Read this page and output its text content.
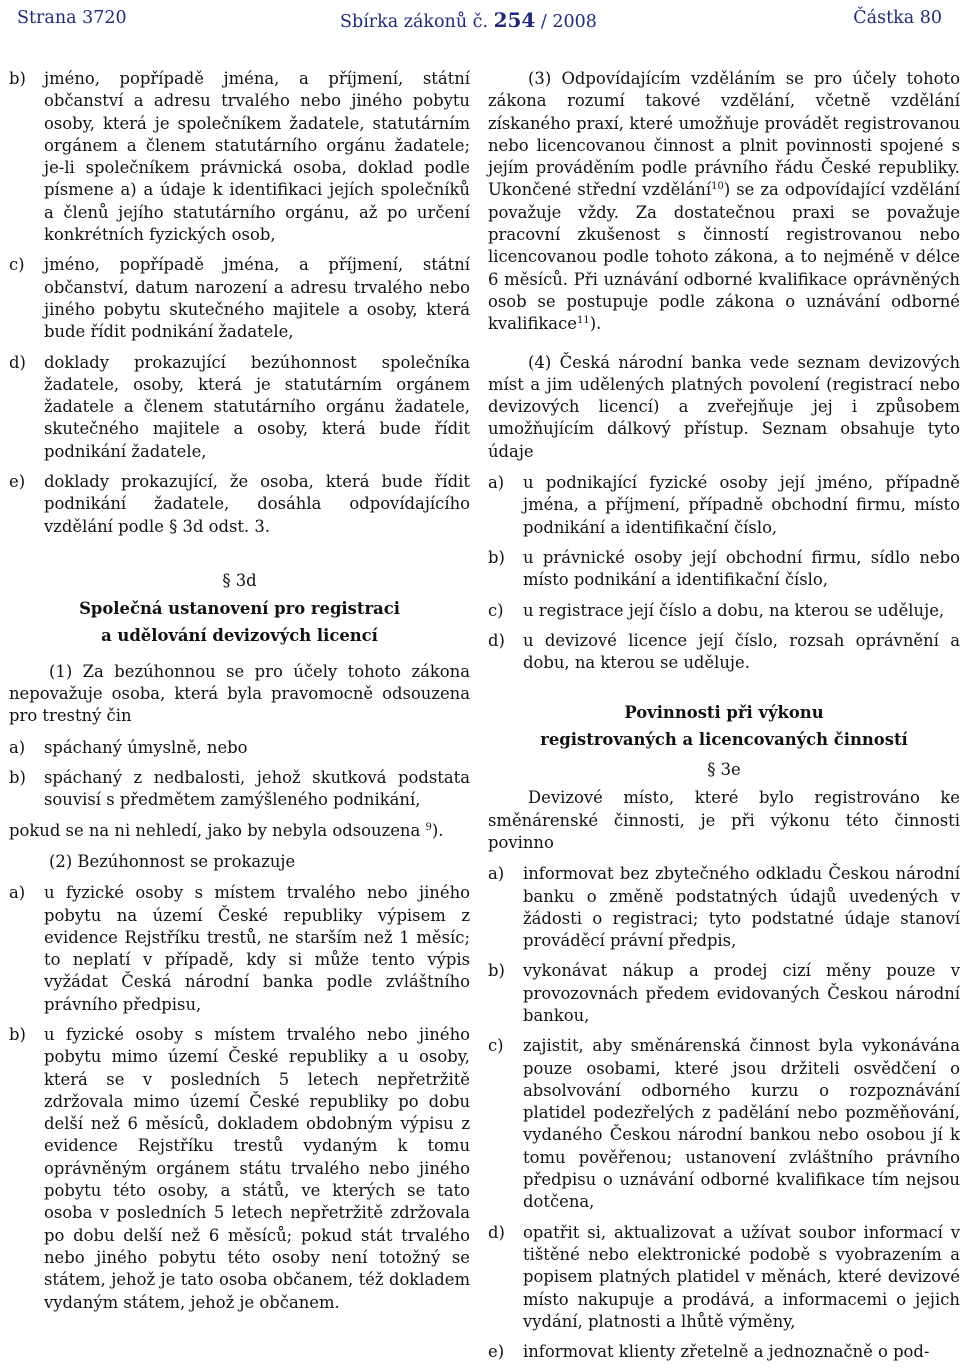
Strana 3720	Sbírka zákonů č. 254 / 2008	Částka 80
b) jméno, popřípadě jména, a příjmení, státní občanství a adresu trvalého nebo jiného pobytu osoby, která je společníkem žadatele, statutárním orgánem a členem statutárního orgánu žadatele; je-li společníkem právnická osoba, doklad podle písmene a) a údaje k identifikaci jejích společníků a členů jejího statutárního orgánu, až po určení konkrétních fyzických osob,
c) jméno, popřípadě jména, a příjmení, státní občanství, datum narození a adresu trvalého nebo jiného pobytu skutečného majitele a osoby, která bude řídit podnikání žadatele,
d) doklady prokazující bezúhonnost společníka žadatele, osoby, která je statutárním orgánem žadatele a členem statutárního orgánu žadatele, skutečného majitele a osoby, která bude řídit podnikání žadatele,
e) doklady prokazující, že osoba, která bude řídit podnikání žadatele, dosáhla odpovídajícího vzdělání podle § 3d odst. 3.
§ 3d
Společná ustanovení pro registraci
a udělování devizových licencí

(1) Za bezúhonnou se pro účely tohoto zákona nepovažuje osoba, která byla pravomocně odsouzena pro trestný čin

a) spáchaný úmyslně, nebo
b) spáchaný z nedbalosti, jehož skutková podstata souvisí s předmětem zamýšleného podnikání,

pokud se na ni nehledí, jako by nebyla odsouzena $^9$).

(2) Bezúhonnost se prokazuje

a) u fyzické osoby s místem trvalého nebo jiného pobytu na území České republiky výpisem z evidence Rejstříku trestů, ne starším než 1 měsíc; to neplatí v případě, kdy si může tento výpis vyžádat Česká národní banka podle zvláštního právního předpisu,
b) u fyzické osoby s místem trvalého nebo jiného pobytu mimo území České republiky a u osoby, která se v posledních 5 letech nepřetržitě zdržovala mimo území České republiky po dobu delší než 6 měsíců, dokladem obdobným výpisu z evidence Rejstříku trestů vydaným k tomu oprávněným orgánem státu trvalého nebo jiného pobytu této osoby, a států, ve kterých se tato osoba v posledních 5 letech nepřetržitě zdržovala po dobu delší než 6 měsíců; pokud stát trvalého nebo jiného pobytu této osoby není totožný se státem, jehož je tato osoba občanem, též dokladem vydaným státem, jehož je občanem.

(3) Odpovídajícím vzděláním se pro účely tohoto zákona rozumí takové vzdělání, včetně vzdělání získaného praxí, které umožňuje provádět registrovanou nebo licencovanou činnost a plnit povinnosti spojené s jejím prováděním podle právního řádu České republiky. Ukončené střední vzdělání$^{10}$) se za odpovídající vzdělání považuje vždy. Za dostatečnou praxi se považuje pracovní zkušenost s činností registrovanou nebo licencovanou podle tohoto zákona, a to nejméně v délce 6 měsíců. Při uznávání odborné kvalifikace oprávněných osob se postupuje podle zákona o uznávání odborné kvalifikace$^{11}$).

(4) Česká národní banka vede seznam devizových míst a jim udělených platných povolení (registrací nebo devizových licencí) a zveřejňuje jej i způsobem umožňujícím dálkový přístup. Seznam obsahuje tyto údaje

a) u podnikající fyzické osoby její jméno, případně jména, a příjmení, případně obchodní firmu, místo podnikání a identifikační číslo,
b) u právnické osoby její obchodní firmu, sídlo nebo místo podnikání a identifikační číslo,
c) u registrace její číslo a dobu, na kterou se uděluje,
d) u devizové licence její číslo, rozsah oprávnění a dobu, na kterou se uděluje.
Povinnosti při výkonu
registrovaných a licencovaných činností
§ 3e

Devizové místo, které bylo registrováno ke směnárenské činnosti, je při výkonu této činnosti povinno

a) informovat bez zbytečného odkladu Českou národní banku o změně podstatných údajů uvedených v žádosti o registraci; tyto podstatné údaje stanoví prováděcí právní předpis,
b) vykonávat nákup a prodej cizí měny pouze v provozovnách předem evidovaných Českou národní bankou,
c) zajistit, aby směnárenská činnost byla vykonávána pouze osobami, které jsou držiteli osvědčení o absolvování odborného kurzu o rozpoznávání platidel podezřelých z padělání nebo pozměňování, vydaného Českou národní bankou nebo osobou jí k tomu pověřenou; ustanovení zvláštního právního předpisu o uznávání odborné kvalifikace tím nejsou dotčena,
d) opatřit si, aktualizovat a užívat soubor informací v tištěné nebo elektronické podobě s vyobrazením a popisem platných platidel v měnách, které devizové místo nakupuje a prodává, a informacemi o jejich vydání, platnosti a lhůtě výměny,
e) informovat klienty zřetelně a jednoznačně o pod-
